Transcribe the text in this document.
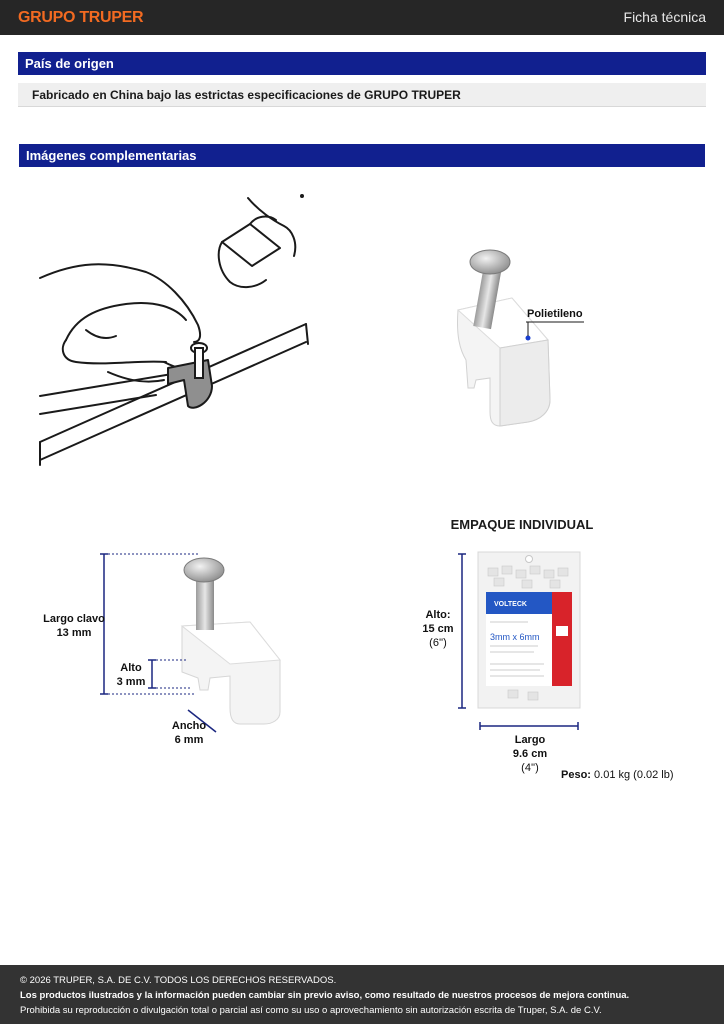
GRUPO TRUPER	Ficha técnica
País de origen
Fabricado en China bajo las estrictas especificaciones de GRUPO TRUPER
Imágenes complementarias
Polietileno
Largo clavo
13 mm
Alto
3 mm
Ancho
6 mm
EMPAQUE INDIVIDUAL
VOLTECK
3mm x 6mm
Alto:
15 cm
(6'')
Largo
9.6 cm
(4'')
Peso: 0.01 kg (0.02 lb)
© 2026 TRUPER, S.A. DE C.V. TODOS LOS DERECHOS RESERVADOS.
Los productos ilustrados y la información pueden cambiar sin previo aviso, como resultado de nuestros procesos de mejora continua.
Prohibida su reproducción o divulgación total o parcial así como su uso o aprovechamiento sin autorización escrita de Truper, S.A. de C.V.
